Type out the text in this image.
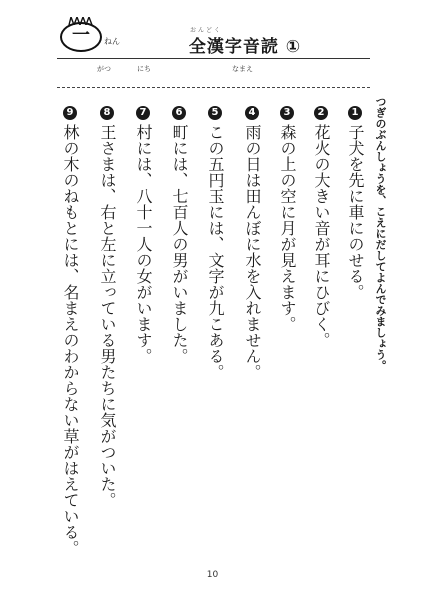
一 ねん
おんどく
全漢字音読 ①
がつ	にち	なまえ
つぎのぶんしょうを、こえにだしてよんでみましょう。
1子犬を先に車にのせる。
2花火の大きい音が耳にひびく。
3森の上の空に月が見えます。
4雨の日は田んぼに水を入れません。
5この五円玉には、文字が九こある。
6町には、七百人の男がいました。
7村には、八十一人の女がいます。
8王さまは、右と左に立っている男たちに気がついた。
9林の木のねもとには、名まえのわからない草がはえている。
10
